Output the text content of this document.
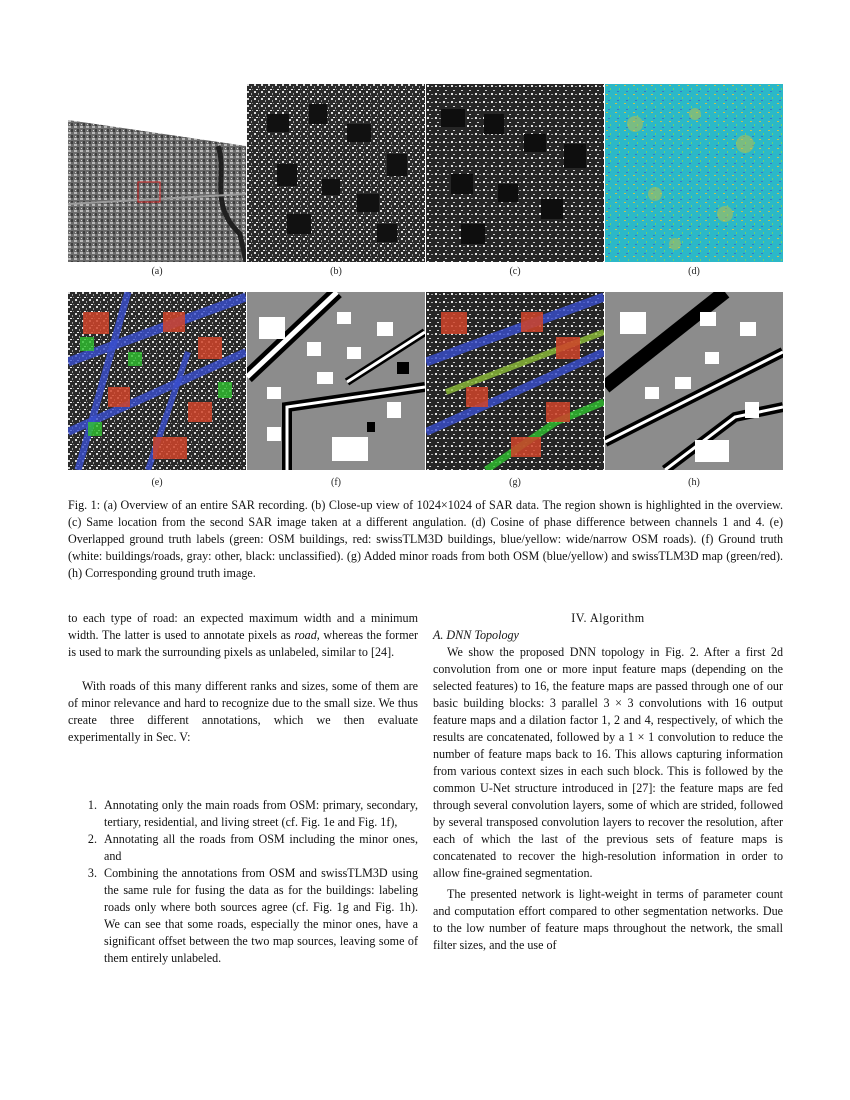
(a)	(b)	(c)	(d)
(e)	(f)	(g)	(h)
Fig. 1: (a) Overview of an entire SAR recording. (b) Close-up view of 1024×1024 of SAR data. The region shown is highlighted in the overview. (c) Same location from the second SAR image taken at a different angulation. (d) Cosine of phase difference between channels 1 and 4. (e) Overlapped ground truth labels (green: OSM buildings, red: swissTLM3D buildings, blue/yellow: wide/narrow OSM roads). (f) Ground truth (white: buildings/roads, gray: other, black: unclassified). (g) Added minor roads from both OSM (blue/yellow) and swissTLM3D map (green/red). (h) Corresponding ground truth image.

to each type of road: an expected maximum width and a minimum width. The latter is used to annotate pixels as road, whereas the former is used to mark the surrounding pixels as unlabeled, similar to [24].

With roads of this many different ranks and sizes, some of them are of minor relevance and hard to recognize due to the small size. We thus create three different annotations, which we then evaluate experimentally in Sec. V:

1. Annotating only the main roads from OSM: primary, secondary, tertiary, residential, and living street (cf. Fig. 1e and Fig. 1f),
2. Annotating all the roads from OSM including the minor ones, and
3. Combining the annotations from OSM and swissTLM3D using the same rule for fusing the data as for the buildings: labeling roads only where both sources agree (cf. Fig. 1g and Fig. 1h). We can see that some roads, especially the minor ones, have a significant offset between the two map sources, leaving some of them entirely unlabeled.

IV. Algorithm

A. DNN Topology

We show the proposed DNN topology in Fig. 2. After a first 2d convolution from one or more input feature maps (depending on the selected features) to 16, the feature maps are passed through one of our basic building blocks: 3 parallel 3 × 3 convolutions with 16 output feature maps and a dilation factor 1, 2 and 4, respectively, of which the results are concatenated, followed by a 1 × 1 convolution to reduce the number of feature maps back to 16. This allows capturing information from various context sizes in each such block. This is followed by the common U-Net structure introduced in [27]: the feature maps are fed through several convolution layers, some of which are strided, followed by several transposed convolution layers to recover the resolution, after each of which the last of the previous sets of feature maps is concatenated to recover the high-resolution information in order to allow fine-grained segmentation.

The presented network is light-weight in terms of parameter count and computation effort compared to other segmentation networks. Due to the low number of feature maps throughout the network, the small filter sizes, and the use of
